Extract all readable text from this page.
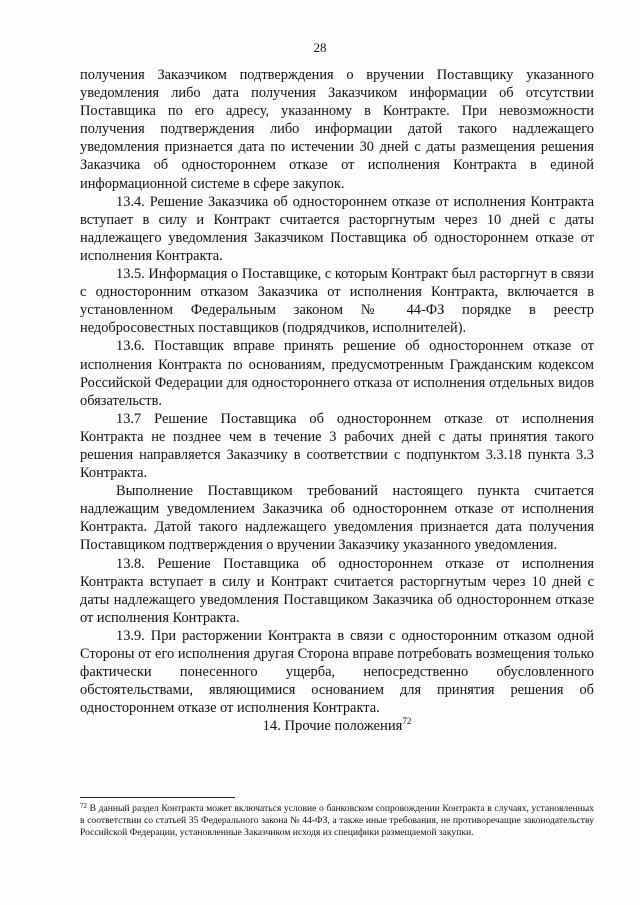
28

получения Заказчиком подтверждения о вручении Поставщику указанного уведомления либо дата получения Заказчиком информации об отсутствии Поставщика по его адресу, указанному в Контракте. При невозможности получения подтверждения либо информации датой такого надлежащего уведомления признается дата по истечении 30 дней с даты размещения решения Заказчика об одностороннем отказе от исполнения Контракта в единой информационной системе в сфере закупок.

13.4. Решение Заказчика об одностороннем отказе от исполнения Контракта вступает в силу и Контракт считается расторгнутым через 10 дней с даты надлежащего уведомления Заказчиком Поставщика об одностороннем отказе от исполнения Контракта.

13.5. Информация о Поставщике, с которым Контракт был расторгнут в связи с односторонним отказом Заказчика от исполнения Контракта, включается в установленном Федеральным законом № 44-ФЗ порядке в реестр недобросовестных поставщиков (подрядчиков, исполнителей).

13.6. Поставщик вправе принять решение об одностороннем отказе от исполнения Контракта по основаниям, предусмотренным Гражданским кодексом Российской Федерации для одностороннего отказа от исполнения отдельных видов обязательств.

13.7 Решение Поставщика об одностороннем отказе от исполнения Контракта не позднее чем в течение 3 рабочих дней с даты принятия такого решения направляется Заказчику в соответствии с подпунктом 3.3.18 пункта 3.3 Контракта.

Выполнение Поставщиком требований настоящего пункта считается надлежащим уведомлением Заказчика об одностороннем отказе от исполнения Контракта. Датой такого надлежащего уведомления признается дата получения Поставщиком подтверждения о вручении Заказчику указанного уведомления.

13.8. Решение Поставщика об одностороннем отказе от исполнения Контракта вступает в силу и Контракт считается расторгнутым через 10 дней с даты надлежащего уведомления Поставщиком Заказчика об одностороннем отказе от исполнения Контракта.

13.9. При расторжении Контракта в связи с односторонним отказом одной Стороны от его исполнения другая Сторона вправе потребовать возмещения только фактически понесенного ущерба, непосредственно обусловленного обстоятельствами, являющимися основанием для принятия решения об одностороннем отказе от исполнения Контракта.

14. Прочие положения$^{72}$

$^{72}$ В данный раздел Контракта может включаться условие о банковском сопровождении Контракта в случаях, установленных в соответствии со статьей 35 Федерального закона № 44-ФЗ, а также иные требования, не противоречащие законодательству Российской Федерации, установленные Заказчиком исходя из специфики размещаемой закупки.
